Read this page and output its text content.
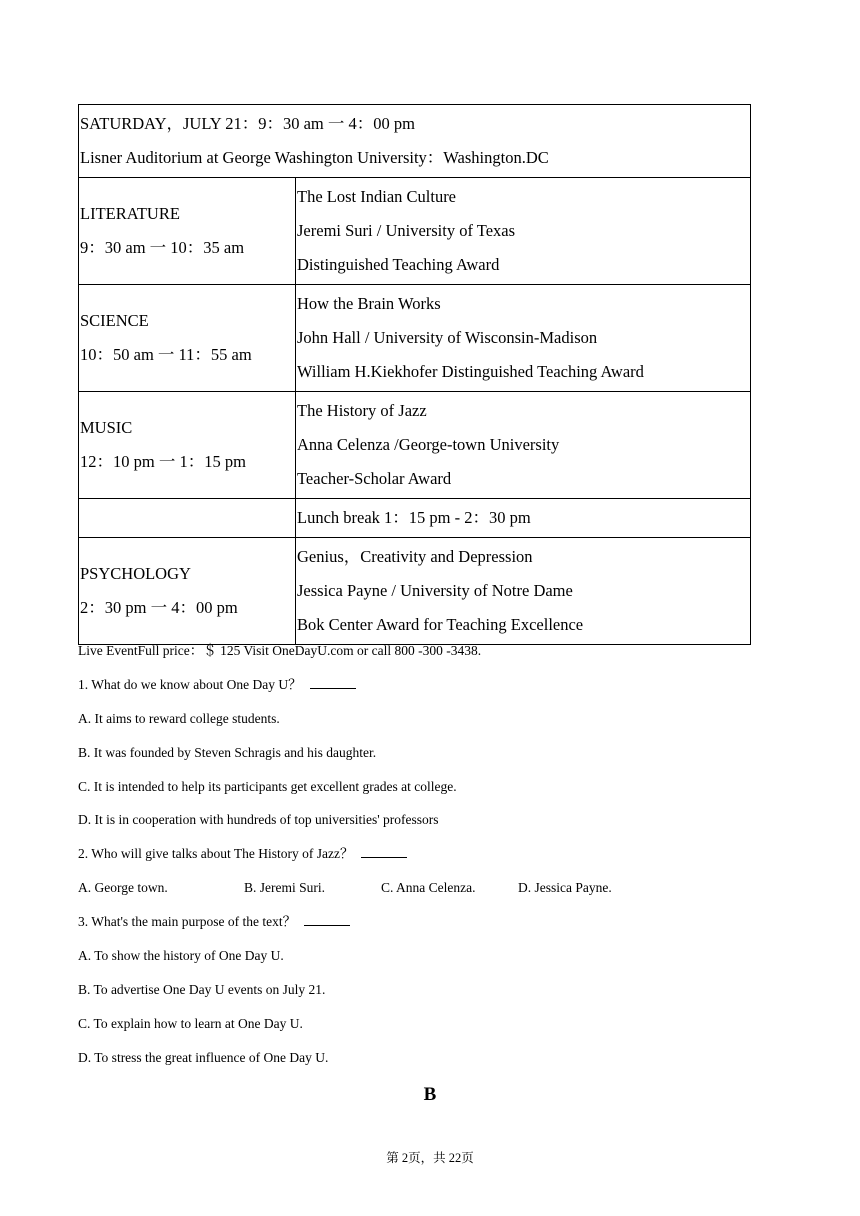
SATURDAY，JULY 21：9：30 am 一 4：00 pm
Lisner Auditorium at George Washington University：Washington.DC	

LITERATURE
9：30 am 一 10：35 am	The Lost Indian Culture
Jeremi Suri / University of Texas
Distinguished Teaching Award

SCIENCE
10：50 am 一 11：55 am	How the Brain Works
John Hall / University of Wisconsin-Madison
William H.Kiekhofer Distinguished Teaching Award

MUSIC
12：10 pm 一 1：15 pm	The History of Jazz
Anna Celenza /George-town University
Teacher-Scholar Award

	Lunch break 1：15 pm - 2：30 pm

PSYCHOLOGY
2：30 pm 一 4：00 pm	Genius，Creativity and Depression
Jessica Payne / University of Notre Dame
Bok Center Award for Teaching Excellence
Live EventFull price：＄ 125 Visit OneDayU.com or call 800 -300 -3438.
1. What do we know about One Day U？
A. It aims to reward college students.
B. It was founded by Steven Schragis and his daughter.
C. It is intended to help its participants get excellent grades at college.
D. It is in cooperation with hundreds of top universities' professors
2. Who will give talks about The History of Jazz？
A. George town.	B. Jeremi Suri.	C. Anna Celenza.	D. Jessica Payne.
3. What's the main purpose of the text？
A. To show the history of One Day U.
B. To advertise One Day U events on July 21.
C. To explain how to learn at One Day U.
D. To stress the great influence of One Day U.
B
第 2页，共 22页
